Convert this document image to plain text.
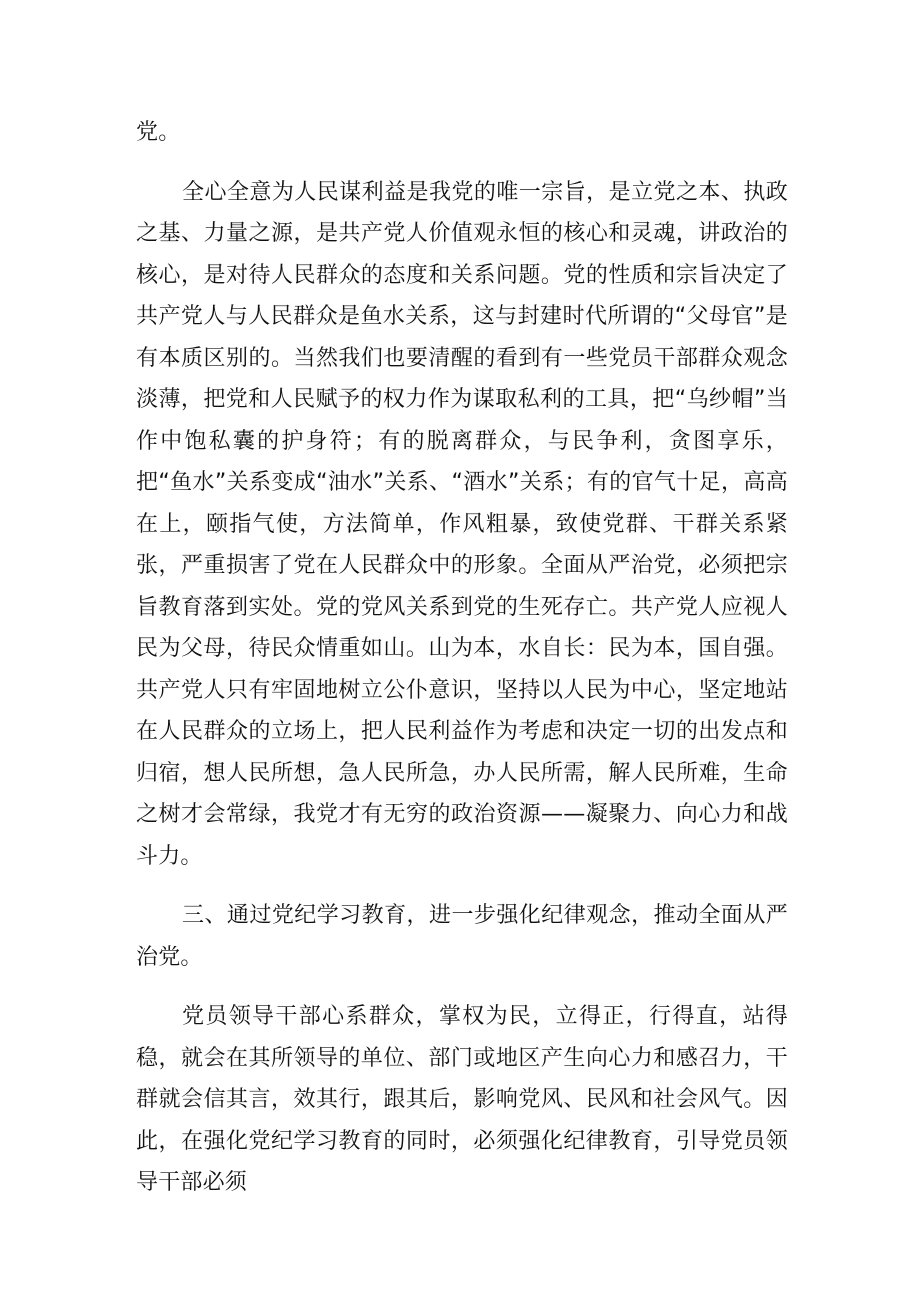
党。

全心全意为人民谋利益是我党的唯一宗旨，是立党之本、执政之基、力量之源，是共产党人价值观永恒的核心和灵魂，讲政治的核心，是对待人民群众的态度和关系问题。党的性质和宗旨决定了共产党人与人民群众是鱼水关系，这与封建时代所谓的“父母官”是有本质区别的。当然我们也要清醒的看到有一些党员干部群众观念淡薄，把党和人民赋予的权力作为谋取私利的工具，把“乌纱帽”当作中饱私囊的护身符；有的脱离群众，与民争利，贪图享乐，把“鱼水”关系变成“油水”关系、“酒水”关系；有的官气十足，高高在上，颐指气使，方法简单，作风粗暴，致使党群、干群关系紧张，严重损害了党在人民群众中的形象。全面从严治党，必须把宗旨教育落到实处。党的党风关系到党的生死存亡。共产党人应视人民为父母，待民众情重如山。山为本，水自长：民为本，国自强。共产党人只有牢固地树立公仆意识，坚持以人民为中心，坚定地站在人民群众的立场上，把人民利益作为考虑和决定一切的出发点和归宿，想人民所想，急人民所急，办人民所需，解人民所难，生命之树才会常绿，我党才有无穷的政治资源——凝聚力、向心力和战斗力。

三、通过党纪学习教育，进一步强化纪律观念，推动全面从严治党。

党员领导干部心系群众，掌权为民，立得正，行得直，站得稳，就会在其所领导的单位、部门或地区产生向心力和感召力，干群就会信其言，效其行，跟其后，影响党风、民风和社会风气。因此，在强化党纪学习教育的同时，必须强化纪律教育，引导党员领导干部必须
